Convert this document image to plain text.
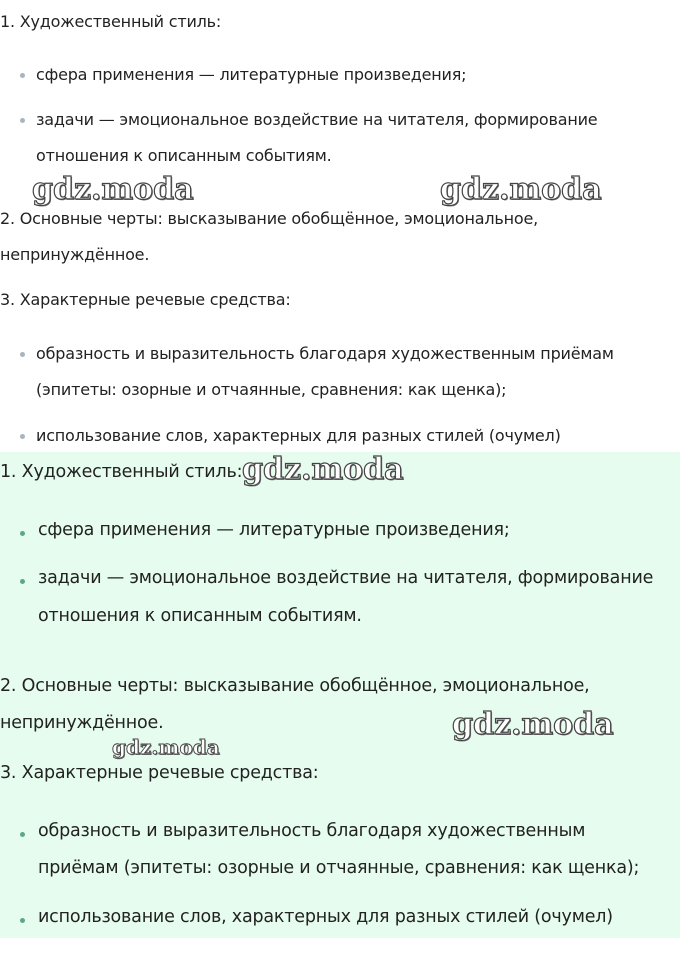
1. Художественный стиль:
сфера применения — литературные произведения;
задачи — эмоциональное воздействие на читателя, формирование
отношения к описанным событиям.
2. Основные черты: высказывание обобщённое, эмоциональное,
непринуждённое.
3. Характерные речевые средства:
образность и выразительность благодаря художественным приёмам
(эпитеты: озорные и отчаянные, сравнения: как щенка);
использование слов, характерных для разных стилей (очумел)
gdz.moda	gdz.moda
1. Художественный стиль:
сфера применения — литературные произведения;
задачи — эмоциональное воздействие на читателя, формирование
отношения к описанным событиям.
2. Основные черты: высказывание обобщённое, эмоциональное,
непринуждённое.
3. Характерные речевые средства:
образность и выразительность благодаря художественным
приёмам (эпитеты: озорные и отчаянные, сравнения: как щенка);
использование слов, характерных для разных стилей (очумел)
gdz.moda
gdz.moda
gdz.moda
